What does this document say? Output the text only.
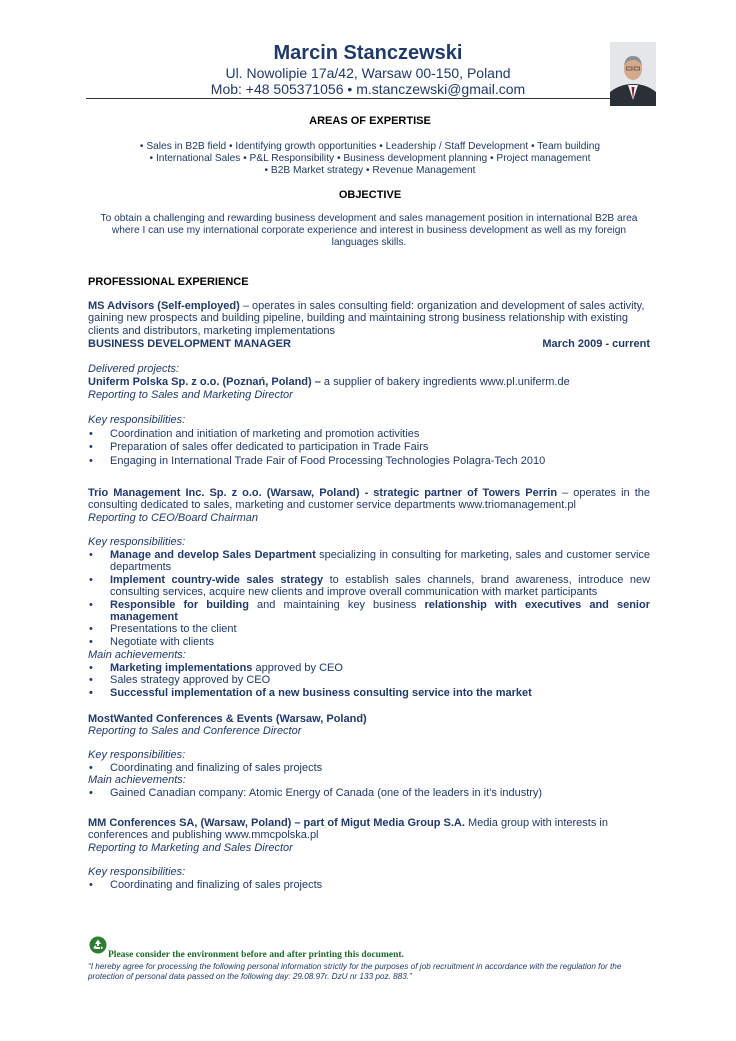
Marcin Stanczewski
Ul. Nowolipie 17a/42, Warsaw 00-150, Poland
Mob: +48 505371056 • m.stanczewski@gmail.com
AREAS OF EXPERTISE
• Sales in B2B field • Identifying growth opportunities • Leadership / Staff Development • Team building
• International Sales • P&L Responsibility • Business development planning • Project management
• B2B Market strategy • Revenue Management
OBJECTIVE
To obtain a challenging and rewarding business development and sales management position in international B2B area where I can use my international corporate experience and interest in business development as well as my foreign languages skills.
PROFESSIONAL EXPERIENCE
MS Advisors (Self-employed) – operates in sales consulting field: organization and development of sales activity, gaining new prospects and building pipeline, building and maintaining strong business relationship with existing clients and distributors, marketing implementations
BUSINESS DEVELOPMENT MANAGER	March 2009 - current
Delivered projects:
Uniferm Polska Sp. z o.o. (Poznań, Poland) – a supplier of bakery ingredients www.pl.uniferm.de
Reporting to Sales and Marketing Director
Key responsibilities:
• Coordination and initiation of marketing and promotion activities
• Preparation of sales offer dedicated to participation in Trade Fairs
• Engaging in International Trade Fair of Food Processing Technologies Polagra-Tech 2010
Trio Management Inc. Sp. z o.o. (Warsaw, Poland) - strategic partner of Towers Perrin – operates in the consulting dedicated to sales, marketing and customer service departments www.triomanagement.pl
Reporting to CEO/Board Chairman
Key responsibilities:
• Manage and develop Sales Department specializing in consulting for marketing, sales and customer service departments
• Implement country-wide sales strategy to establish sales channels, brand awareness, introduce new consulting services, acquire new clients and improve overall communication with market participants
• Responsible for building and maintaining key business relationship with executives and senior management
• Presentations to the client
• Negotiate with clients
Main achievements:
• Marketing implementations approved by CEO
• Sales strategy approved by CEO
• Successful implementation of a new business consulting service into the market
MostWanted Conferences & Events (Warsaw, Poland)
Reporting to Sales and Conference Director
Key responsibilities:
• Coordinating and finalizing of sales projects
Main achievements:
• Gained Canadian company: Atomic Energy of Canada (one of the leaders in it’s industry)
MM Conferences SA, (Warsaw, Poland) – part of Migut Media Group S.A. Media group with interests in conferences and publishing www.mmcpolska.pl
Reporting to Marketing and Sales Director
Key responsibilities:
• Coordinating and finalizing of sales projects
Please consider the environment before and after printing this document.
“I hereby agree for processing the following personal information strictly for the purposes of job recruitment in accordance with the regulation for the protection of personal data passed on the following day: 29.08.97r. DzU nr 133 poz. 883.”
